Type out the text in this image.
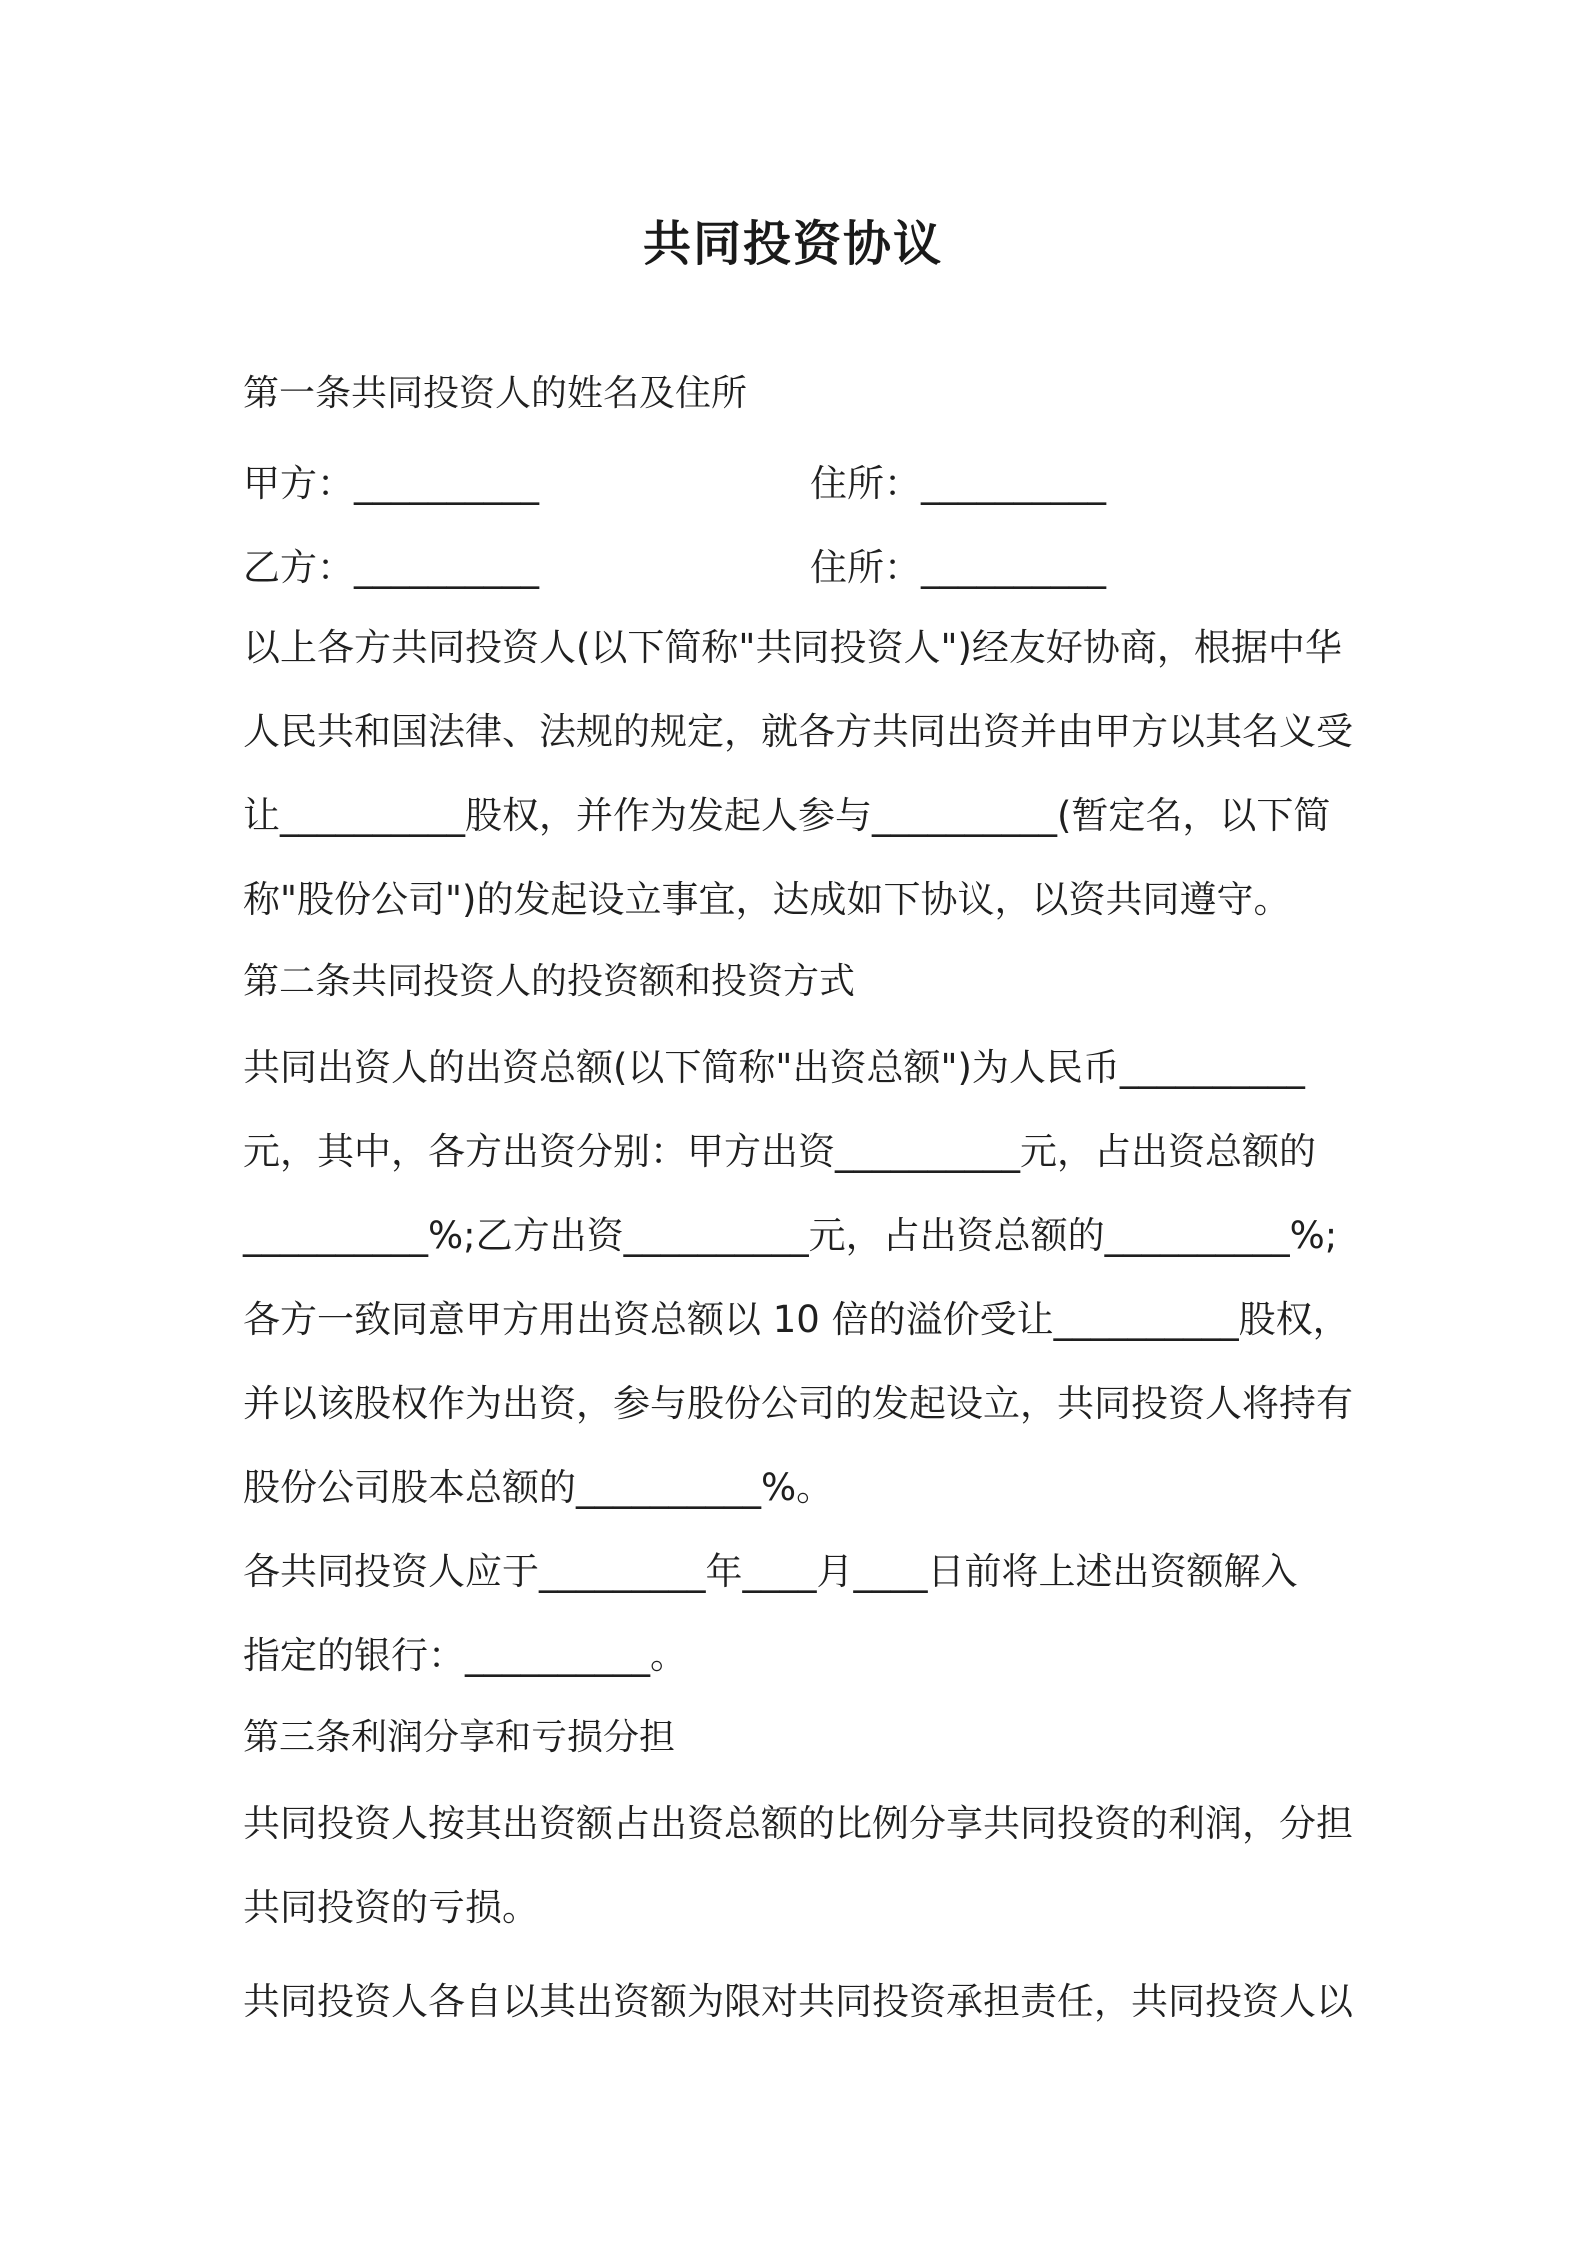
共同投资协议
第一条共同投资人的姓名及住所
甲方：__________	住所：__________
乙方：__________	住所：__________
以上各方共同投资人(以下简称"共同投资人")经友好协商，根据中华
人民共和国法律、法规的规定，就各方共同出资并由甲方以其名义受
让__________股权，并作为发起人参与__________(暂定名，以下简
称"股份公司")的发起设立事宜，达成如下协议，以资共同遵守。
第二条共同投资人的投资额和投资方式
共同出资人的出资总额(以下简称"出资总额")为人民币__________
元，其中，各方出资分别：甲方出资__________元，占出资总额的
__________%;乙方出资__________元，占出资总额的__________%;
各方一致同意甲方用出资总额以 10 倍的溢价受让__________股权，
并以该股权作为出资，参与股份公司的发起设立，共同投资人将持有
股份公司股本总额的__________%。
各共同投资人应于_________年____月____日前将上述出资额解入
指定的银行：__________。
第三条利润分享和亏损分担
共同投资人按其出资额占出资总额的比例分享共同投资的利润，分担
共同投资的亏损。
共同投资人各自以其出资额为限对共同投资承担责任，共同投资人以
